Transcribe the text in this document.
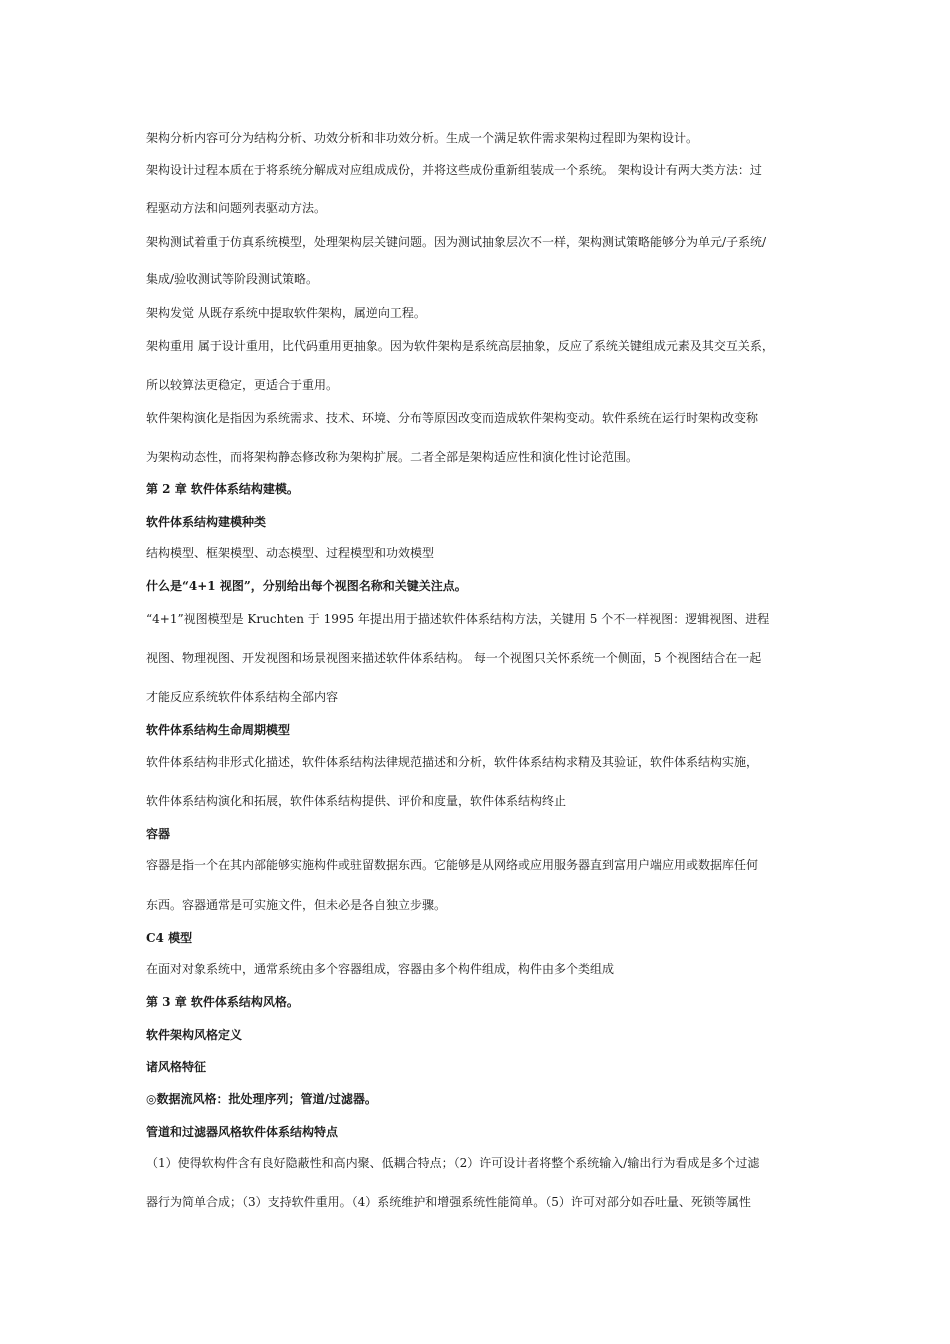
架构分析内容可分为结构分析、功效分析和非功效分析。生成一个满足软件需求架构过程即为架构设计。
架构设计过程本质在于将系统分解成对应组成成份，并将这些成份重新组装成一个系统。 架构设计有两大类方法：过
程驱动方法和问题列表驱动方法。
架构测试着重于仿真系统模型，处理架构层关键问题。因为测试抽象层次不一样，架构测试策略能够分为单元/子系统/
集成/验收测试等阶段测试策略。
架构发觉 从既存系统中提取软件架构，属逆向工程。
架构重用 属于设计重用，比代码重用更抽象。因为软件架构是系统高层抽象，反应了系统关键组成元素及其交互关系，
所以较算法更稳定，更适合于重用。
软件架构演化是指因为系统需求、技术、环境、分布等原因改变而造成软件架构变动。软件系统在运行时架构改变称
为架构动态性，而将架构静态修改称为架构扩展。二者全部是架构适应性和演化性讨论范围。
第 2 章 软件体系结构建模。
软件体系结构建模种类
结构模型、框架模型、动态模型、过程模型和功效模型
什么是“4+1 视图”，分别给出每个视图名称和关键关注点。
“4+1”视图模型是 Kruchten 于 1995 年提出用于描述软件体系结构方法，关键用 5 个不一样视图：逻辑视图、进程
视图、物理视图、开发视图和场景视图来描述软件体系结构。 每一个视图只关怀系统一个侧面，5 个视图结合在一起
才能反应系统软件体系结构全部内容
软件体系结构生命周期模型
软件体系结构非形式化描述，软件体系结构法律规范描述和分析，软件体系结构求精及其验证，软件体系结构实施，
软件体系结构演化和拓展，软件体系结构提供、评价和度量，软件体系结构终止
容器
容器是指一个在其内部能够实施构件或驻留数据东西。它能够是从网络或应用服务器直到富用户端应用或数据库任何
东西。容器通常是可实施文件，但未必是各自独立步骤。
C4 模型
在面对对象系统中，通常系统由多个容器组成，容器由多个构件组成，构件由多个类组成
第 3 章 软件体系结构风格。
软件架构风格定义
诸风格特征
◎数据流风格：批处理序列；管道/过滤器。
管道和过滤器风格软件体系结构特点
（1）使得软构件含有良好隐蔽性和高内聚、低耦合特点；（2）许可设计者将整个系统输入/输出行为看成是多个过滤
器行为简单合成；（3）支持软件重用。（4）系统维护和增强系统性能简单。（5）许可对部分如吞吐量、死锁等属性
